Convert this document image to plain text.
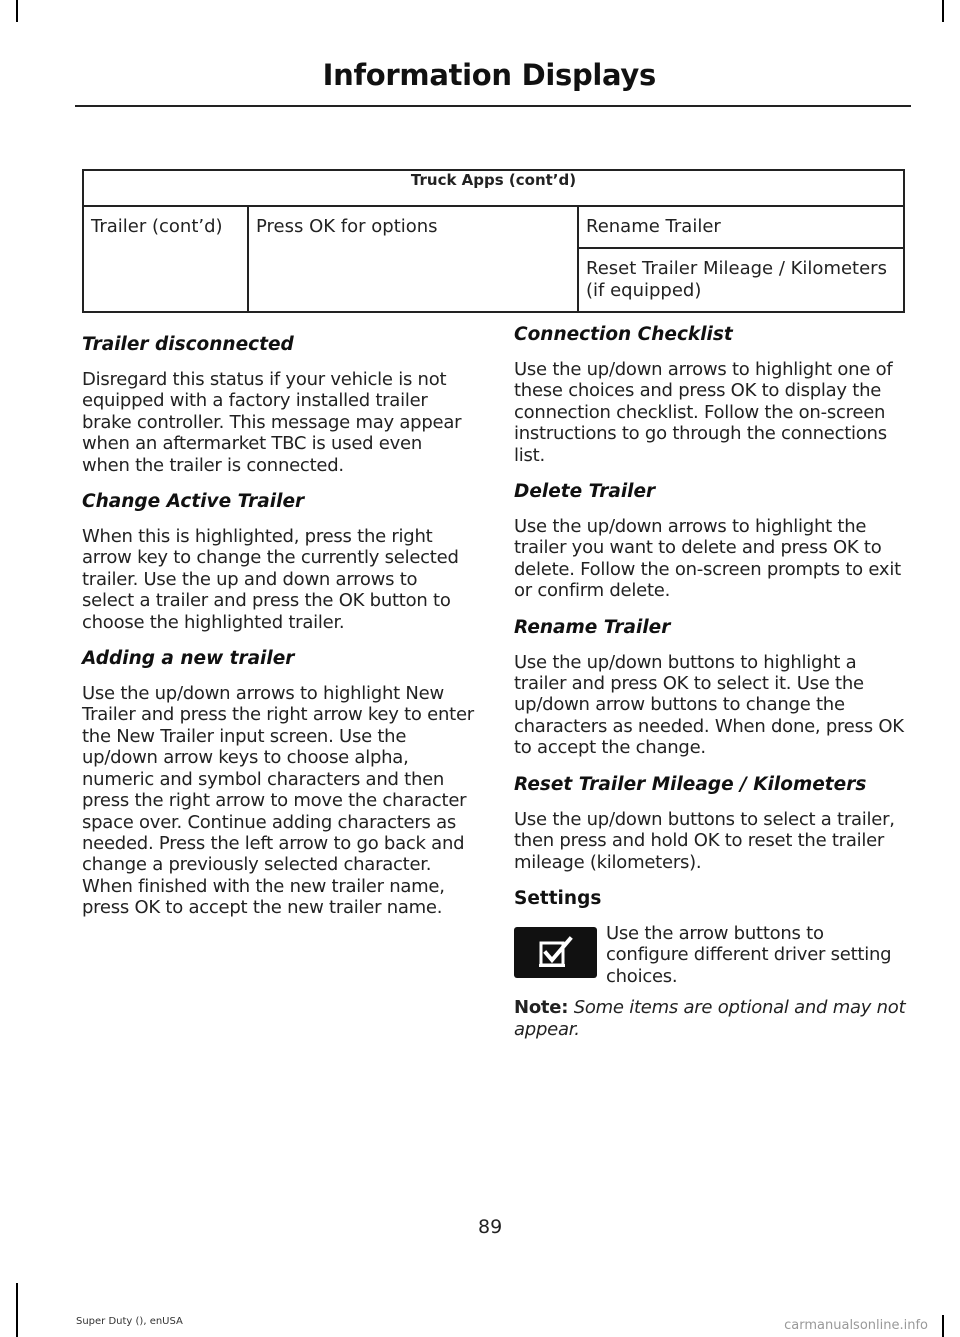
Information Displays
Truck Apps (cont’d)
Trailer (cont’d)	Press OK for options	Rename Trailer
Reset Trailer Mileage / Kilometers (if equipped)
Trailer disconnected

Disregard this status if your vehicle is not equipped with a factory installed trailer brake controller. This message may appear when an aftermarket TBC is used even when the trailer is connected.

Change Active Trailer

When this is highlighted, press the right arrow key to change the currently selected trailer. Use the up and down arrows to select a trailer and press the OK button to choose the highlighted trailer.

Adding a new trailer

Use the up/down arrows to highlight New Trailer and press the right arrow key to enter the New Trailer input screen. Use the up/down arrow keys to choose alpha, numeric and symbol characters and then press the right arrow to move the character space over. Continue adding characters as needed. Press the left arrow to go back and change a previously selected character. When finished with the new trailer name, press OK to accept the new trailer name.

Connection Checklist

Use the up/down arrows to highlight one of these choices and press OK to display the connection checklist. Follow the on-screen instructions to go through the connections list.

Delete Trailer

Use the up/down arrows to highlight the trailer you want to delete and press OK to delete. Follow the on-screen prompts to exit or confirm delete.

Rename Trailer

Use the up/down buttons to highlight a trailer and press OK to select it. Use the up/down arrow buttons to change the characters as needed. When done, press OK to accept the change.

Reset Trailer Mileage / Kilometers

Use the up/down buttons to select a trailer, then press and hold OK to reset the trailer mileage (kilometers).

Settings

Use the arrow buttons to configure different driver setting choices.

Note: Some items are optional and may not appear.

89
Super Duty (), enUSA	carmanualsonline.info
